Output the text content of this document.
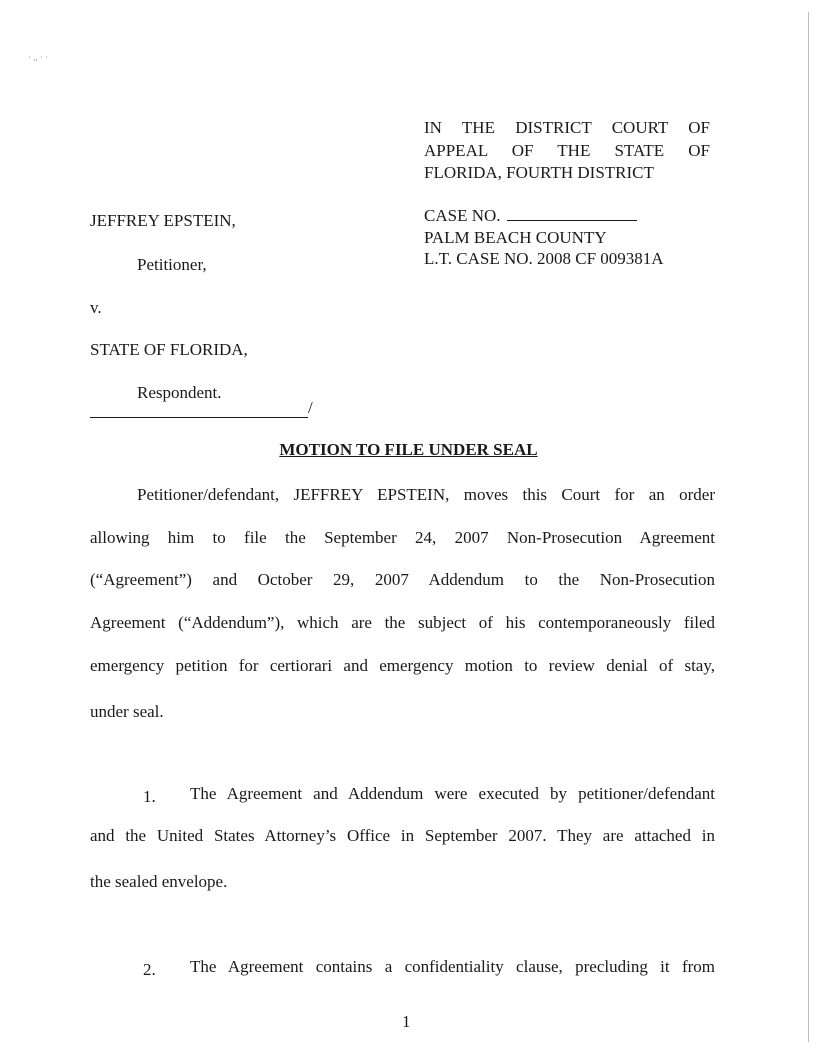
· ,, · ·
IN THE DISTRICT COURT OF
APPEAL OF THE STATE OF
FLORIDA, FOURTH DISTRICT
JEFFREY EPSTEIN,	CASE NO.
PALM BEACH COUNTY
L.T. CASE NO. 2008 CF 009381A
Petitioner,
v.
STATE OF FLORIDA,
Respondent.
/
MOTION TO FILE UNDER SEAL
Petitioner/defendant, JEFFREY EPSTEIN, moves this Court for an order
allowing him to file the September 24, 2007 Non-Prosecution Agreement
(“Agreement”) and October 29, 2007 Addendum to the Non-Prosecution
Agreement (“Addendum”), which are the subject of his contemporaneously filed
emergency petition for certiorari and emergency motion to review denial of stay,
under seal.
1. The Agreement and Addendum were executed by petitioner/defendant
and the United States Attorney’s Office in September 2007. They are attached in
the sealed envelope.
2. The Agreement contains a confidentiality clause, precluding it from
1
